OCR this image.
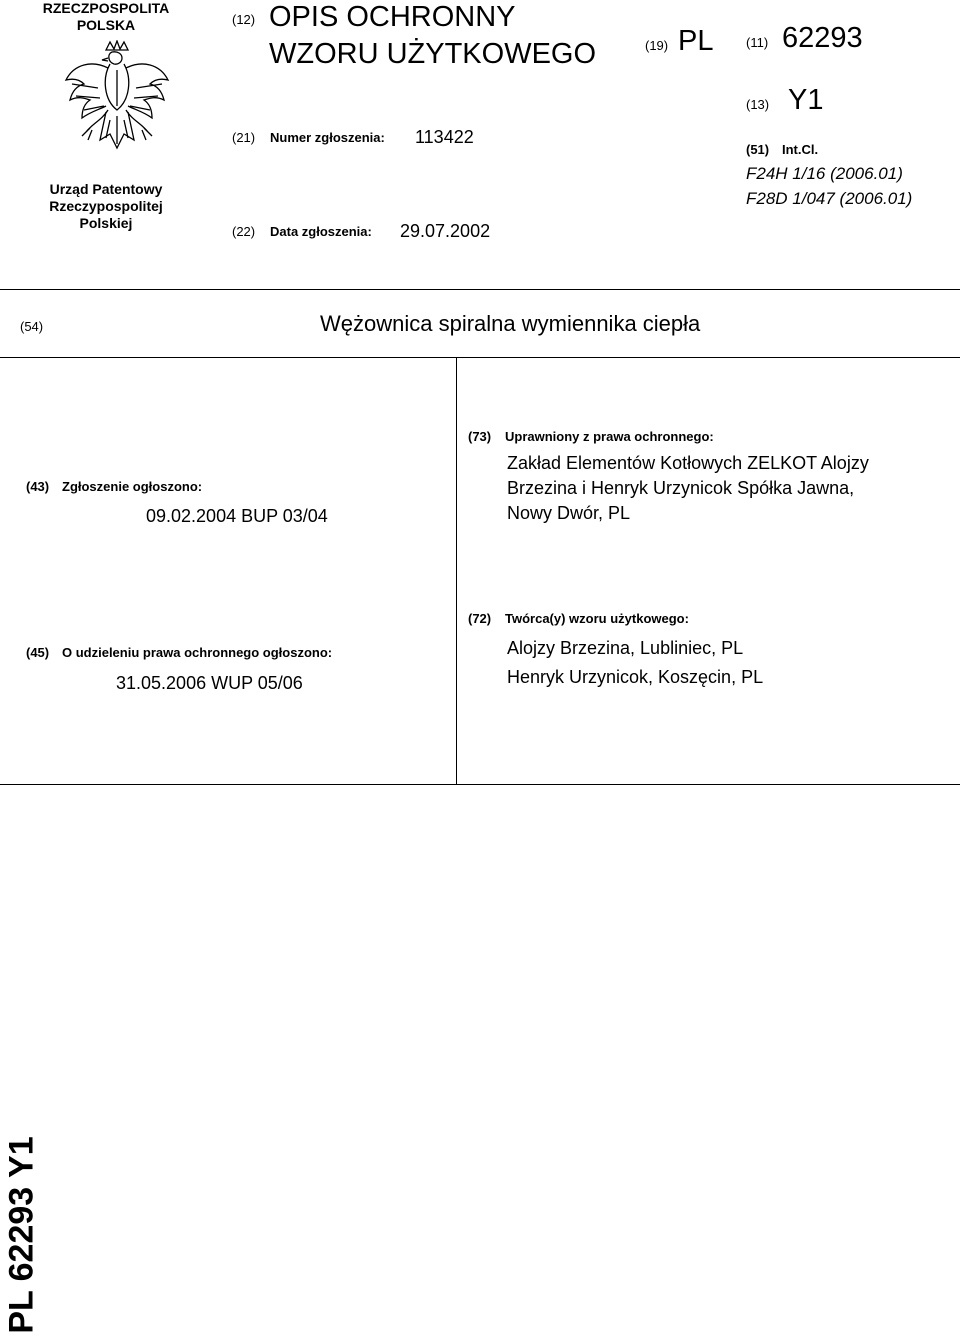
RZECZPOSPOLITA
POLSKA
Urząd Patentowy
Rzeczypospolitej
Polskiej
(12) OPIS OCHRONNY
WZORU UŻYTKOWEGO	(19) PL	(11) 62293
(13) Y1
(21) Numer zgłoszenia: 113422
(22) Data zgłoszenia: 29.07.2002
(51) Int.Cl.
F24H 1/16 (2006.01)
F28D 1/047 (2006.01)
(54)	Wężownica spiralna wymiennika ciepła
(43) Zgłoszenie ogłoszono:
09.02.2004 BUP 03/04
(73) Uprawniony z prawa ochronnego:
Zakład Elementów Kotłowych ZELKOT Alojzy
Brzezina i Henryk Urzynicok Spółka Jawna,
Nowy Dwór, PL
(45) O udzieleniu prawa ochronnego ogłoszono:
31.05.2006 WUP 05/06
(72) Twórca(y) wzoru użytkowego:
Alojzy Brzezina, Lubliniec, PL
Henryk Urzynicok, Koszęcin, PL
PL 62293 Y1
